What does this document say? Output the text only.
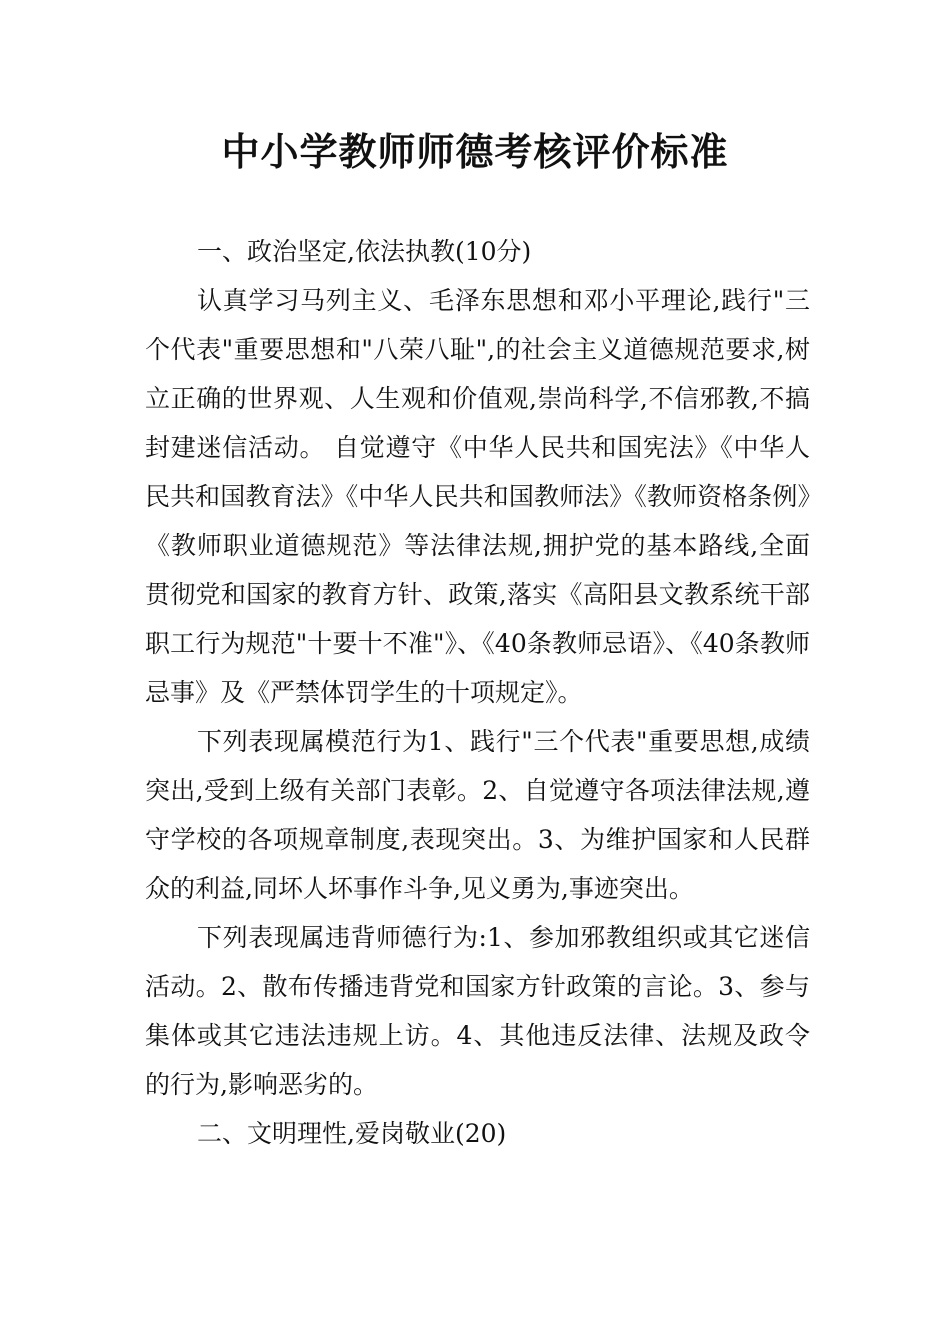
中小学教师师德考核评价标准

一、政治坚定,依法执教(10分)

认真学习马列主义、毛泽东思想和邓小平理论,践行"三个代表"重要思想和"八荣八耻",的社会主义道德规范要求,树立正确的世界观、人生观和价值观,崇尚科学,不信邪教,不搞封建迷信活动。 自觉遵守《中华人民共和国宪法》《中华人民共和国教育法》《中华人民共和国教师法》《教师资格条例》《教师职业道德规范》等法律法规,拥护党的基本路线,全面贯彻党和国家的教育方针、政策,落实《高阳县文教系统干部职工行为规范"十要十不准"》、《40条教师忌语》、《40条教师忌事》及《严禁体罚学生的十项规定》。

下列表现属模范行为1、践行"三个代表"重要思想,成绩突出,受到上级有关部门表彰。2、自觉遵守各项法律法规,遵守学校的各项规章制度,表现突出。3、为维护国家和人民群众的利益,同坏人坏事作斗争,见义勇为,事迹突出。

下列表现属违背师德行为:1、参加邪教组织或其它迷信活动。2、散布传播违背党和国家方针政策的言论。3、参与集体或其它违法违规上访。4、其他违反法律、法规及政令的行为,影响恶劣的。

二、文明理性,爱岗敬业(20)
